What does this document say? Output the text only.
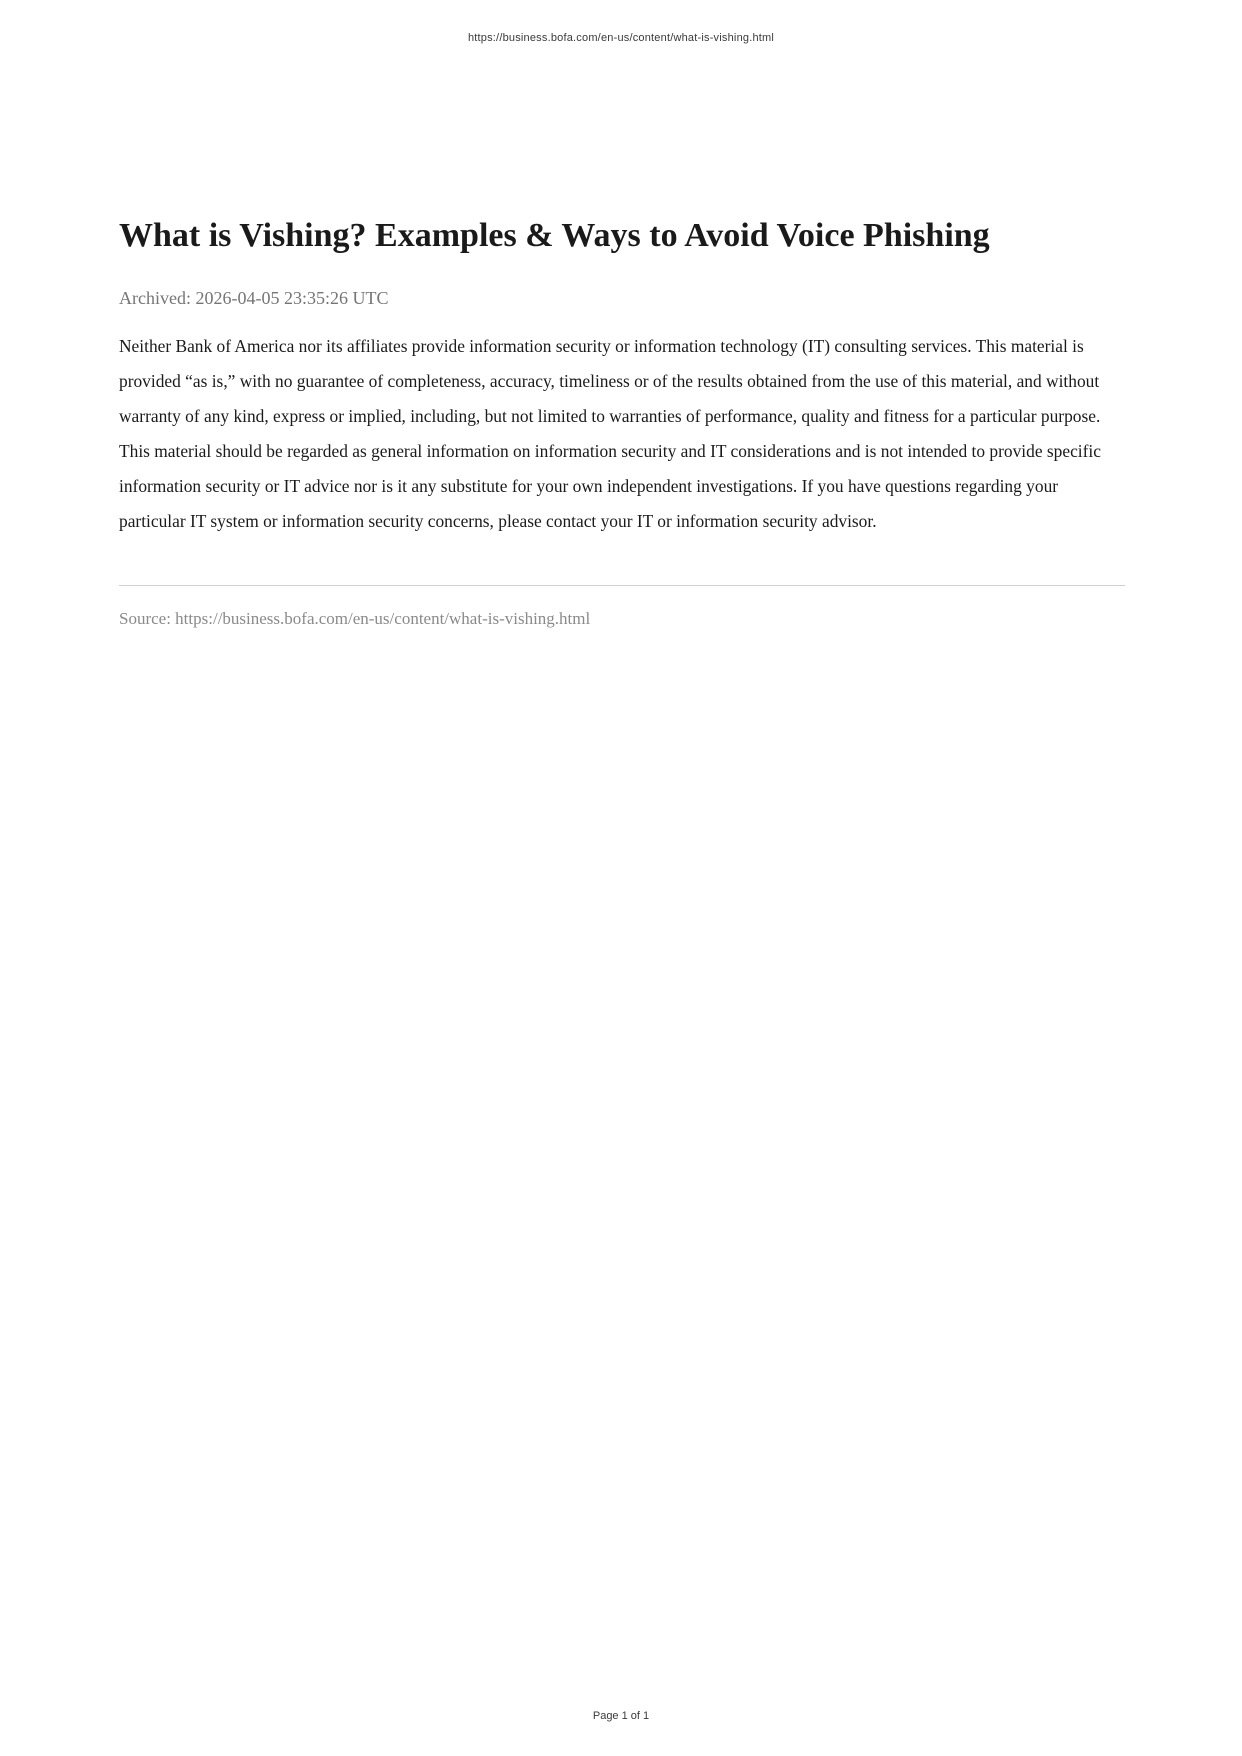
https://business.bofa.com/en-us/content/what-is-vishing.html
What is Vishing? Examples & Ways to Avoid Voice Phishing
Archived: 2026-04-05 23:35:26 UTC

Neither Bank of America nor its affiliates provide information security or information technology (IT) consulting services. This material is provided “as is,” with no guarantee of completeness, accuracy, timeliness or of the results obtained from the use of this material, and without warranty of any kind, express or implied, including, but not limited to warranties of performance, quality and fitness for a particular purpose. This material should be regarded as general information on information security and IT considerations and is not intended to provide specific information security or IT advice nor is it any substitute for your own independent investigations. If you have questions regarding your particular IT system or information security concerns, please contact your IT or information security advisor.

Source: https://business.bofa.com/en-us/content/what-is-vishing.html
Page 1 of 1
